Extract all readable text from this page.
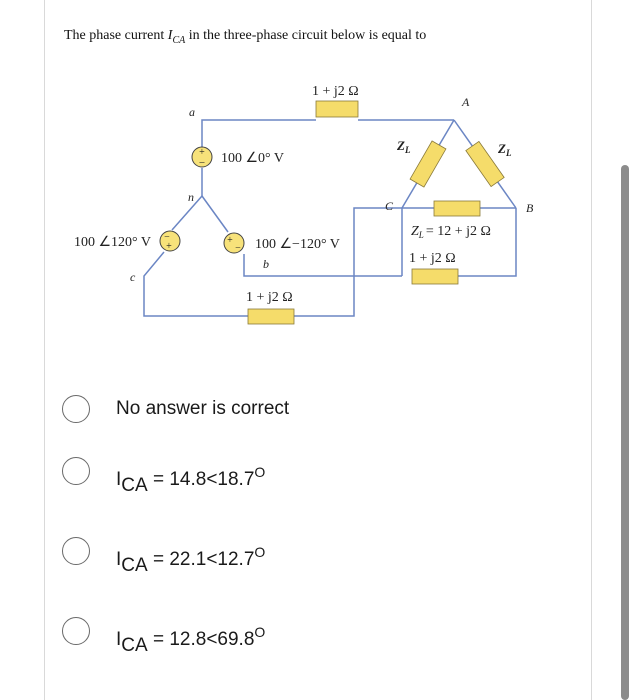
The phase current $I_{CA}$ in the three-phase circuit below is equal to
+
−
−
+
+
−
a
n
c
b
A
B
C
100 ∠0° V
100 ∠120° V	100 ∠−120° V
1 + j2 Ω
1 + j2 Ω
1 + j2 Ω
$Z_L$	$Z_L$
$Z_L = 12 + j2$ Ω
No answer is correct
ICA = $14.8<18.7^O$
ICA = $22.1<12.7^O$
ICA = $12.8<69.8^O$
